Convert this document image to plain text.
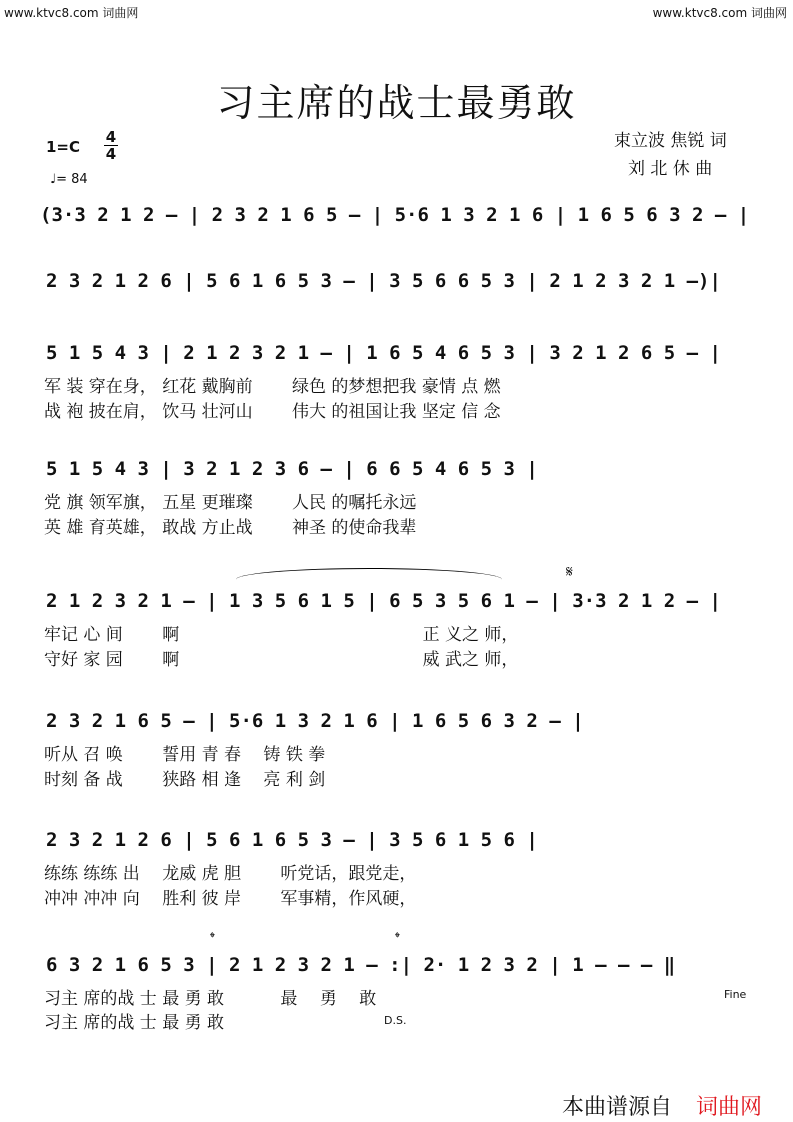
www.ktvc8.com 词曲网	www.ktvc8.com 词曲网
习主席的战士最勇敢
1=C
4
4
♩= 84
束立波 焦锐 词
刘 北 休 曲
(3·3 2 1 2 – | 2 3 2 1 6 5 – | 5·6 1 3 2 1 6 | 1 6 5 6 3 2 – |
2 3 2 1 2 6 | 5 6 1 6 5 3 – | 3 5 6 6 5 3 | 2 1 2 3 2 1 –)|
5 1 5 4 3 | 2 1 2 3 2 1 – | 1 6 5 4 6 5 3 | 3 2 1 2 6 5 – |
军 装 穿在身， 红花 戴胸前　　 绿色 的梦想把我 豪情 点 燃
战 袍 披在肩， 饮马 壮河山　　 伟大 的祖国让我 坚定 信 念
5 1 5 4 3 | 3 2 1 2 3 6 – | 6 6 5 4 6 5 3 |
党 旗 领军旗， 五星 更璀璨　　 人民 的嘱托永远
英 雄 育英雄， 敢战 方止战　　 神圣 的使命我辈
𝄋
2 1 2 3 2 1 – | 1 3 5 6 1 5 | 6 5 3 5 6 1 – | 3·3 2 1 2 – |
牢记 心 间　　 啊　　　　　　　　　　　　　　 正 义之 师，
守好 家 园　　 啊　　　　　　　　　　　　　　 威 武之 师，
2 3 2 1 6 5 – | 5·6 1 3 2 1 6 | 1 6 5 6 3 2 – |
听从 召 唤　　 誓用 青 春　 铸 铁 拳
时刻 备 战　　 狭路 相 逢　 亮 利 剑
2 3 2 1 2 6 | 5 6 1 6 5 3 – | 3 5 6 1 5 6 |
练练 练练 出　 龙威 虎 胆　　 听党话，跟党走，
冲冲 冲冲 向　 胜利 彼 岸　　 军事精，作风硬，
𝄌	𝄌
6 3 2 1 6 5 3 | 2 1 2 3 2 1 – :| 2· 1 2 3 2 | 1 – – – ‖
习主 席的战 士 最 勇 敢　　　 最　 勇　 敢
习主 席的战 士 最 勇 敢
Fine
D.S.
本曲谱源自 词曲网
